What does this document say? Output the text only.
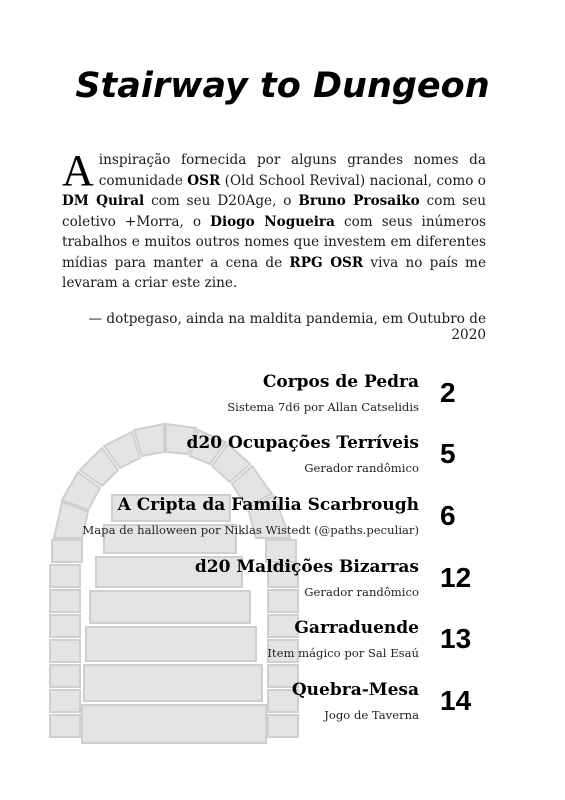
Stairway to Dungeon
A inspiração fornecida por alguns grandes nomes da comunidade OSR (Old School Revival) nacional, como o DM Quiral com seu D20Age, o Bruno Prosaiko com seu coletivo +Morra, o Diogo Nogueira com seus inúmeros trabalhos e muitos outros nomes que investem em diferentes mídias para manter a cena de RPG OSR viva no país me levaram a criar este zine.
— dotpegaso, ainda na maldita pandemia, em Outubro de 2020
Corpos de Pedra
Sistema 7d6 por Allan Catselidis 2
d20 Ocupações Terríveis
Gerador randômico 5
A Cripta da Família Scarbrough
Mapa de halloween por Niklas Wistedt (@paths.peculiar) 6
d20 Maldições Bizarras
Gerador randômico 12
Garraduende
Item mágico por Sal Esaú 13
Quebra-Mesa
Jogo de Taverna 14
